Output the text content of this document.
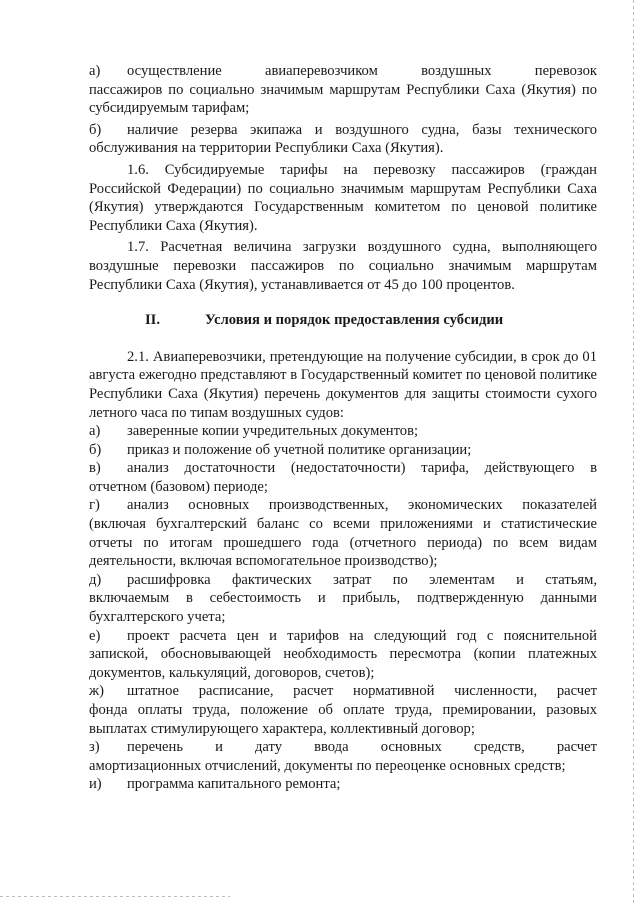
а)	осуществление авиаперевозчиком воздушных перевозок

пассажиров по социально значимым маршрутам Республики Саха (Якутия) по субсидируемым тарифам;

б)	наличие резерва экипажа и воздушного судна, базы технического

обслуживания на территории Республики Саха (Якутия).

1.6. Субсидируемые тарифы на перевозку пассажиров (граждан Российской Федерации) по социально значимым маршрутам Республики Саха (Якутия) утверждаются Государственным комитетом по ценовой политике Республики Саха (Якутия).

1.7. Расчетная величина загрузки воздушного судна, выполняющего воздушные перевозки пассажиров по социально значимым маршрутам Республики Саха (Якутия), устанавливается от 45 до 100 процентов.

II.	Условия и порядок предоставления субсидии

2.1. Авиаперевозчики, претендующие на получение субсидии, в срок до 01 августа ежегодно представляют в Государственный комитет по ценовой политике Республики Саха (Якутия) перечень документов для защиты стоимости сухого летного часа по типам воздушных судов:

а)	заверенные копии учредительных документов;
б)	приказ и положение об учетной политике организации;
в)	анализ достаточности (недостаточности) тарифа, действующего в

отчетном (базовом) периоде;

г)	анализ основных производственных, экономических показателей

(включая бухгалтерский баланс со всеми приложениями и статистические отчеты по итогам прошедшего года (отчетного периода) по всем видам деятельности, включая вспомогательное производство);

д)	расшифровка фактических затрат по элементам и статьям,

включаемым в себестоимость и прибыль, подтвержденную данными бухгалтерского учета;

е)	проект расчета цен и тарифов на следующий год с пояснительной

запиской, обосновывающей необходимость пересмотра (копии платежных документов, калькуляций, договоров, счетов);

ж)	штатное расписание, расчет нормативной численности, расчет

фонда оплаты труда, положение об оплате труда, премировании, разовых выплатах стимулирующего характера, коллективный договор;

з)	перечень и дату ввода основных средств, расчет

амортизационных отчислений, документы по переоценке основных средств;

и)	программа капитального ремонта;
